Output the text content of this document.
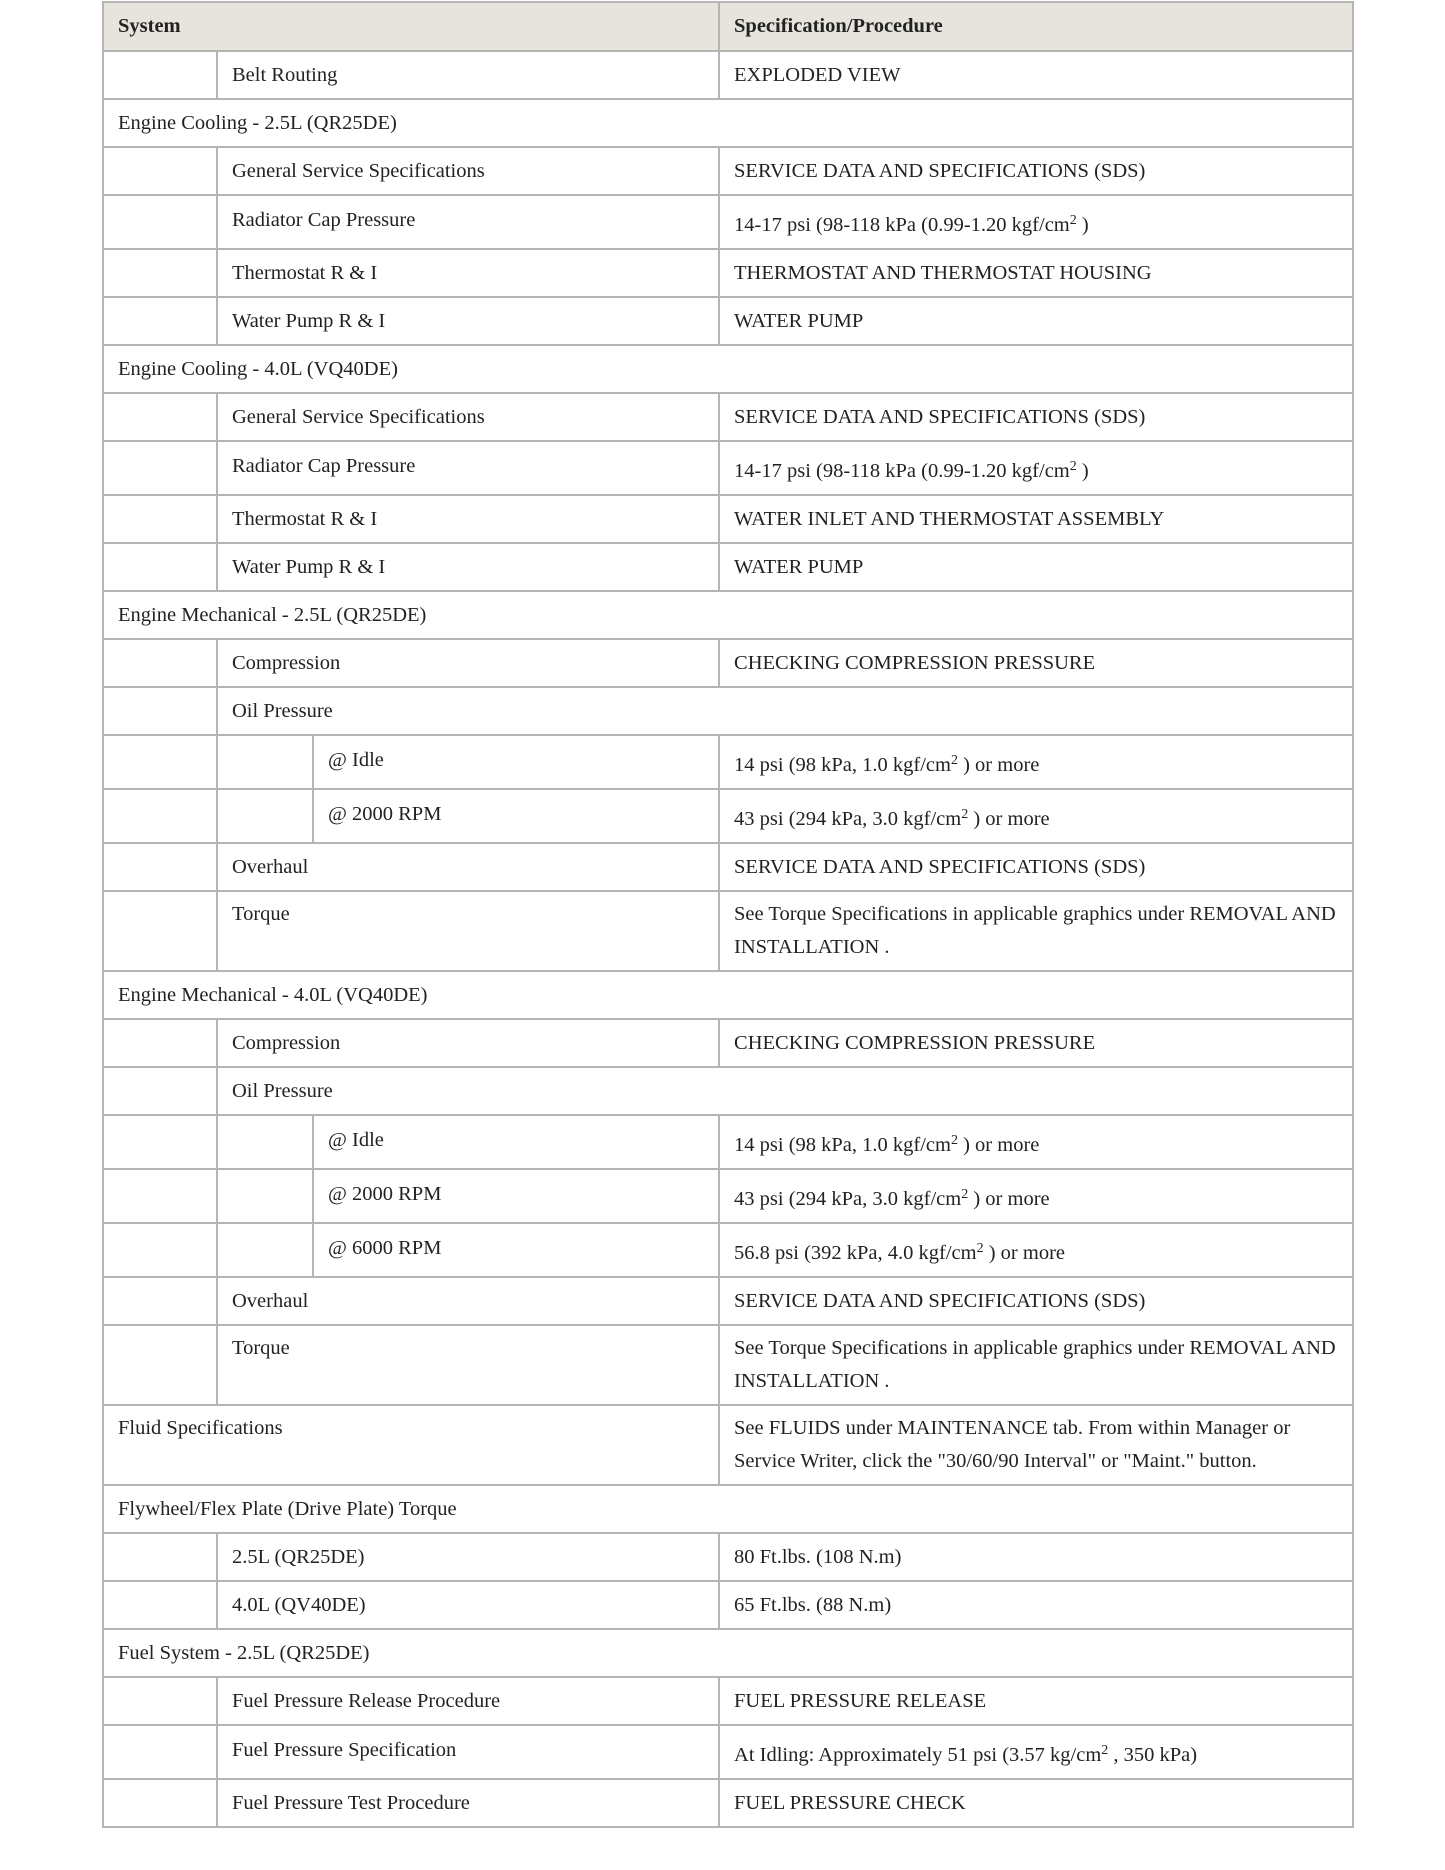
System			Specification/Procedure
	Belt Routing		EXPLODED VIEW
Engine Cooling - 2.5L (QR25DE)			
	General Service Specifications		SERVICE DATA AND SPECIFICATIONS (SDS)
	Radiator Cap Pressure		14-17 psi (98-118 kPa (0.99-1.20 kgf/$cm^2$ )
	Thermostat R & I		THERMOSTAT AND THERMOSTAT HOUSING
	Water Pump R & I		WATER PUMP
Engine Cooling - 4.0L (VQ40DE)			
	General Service Specifications		SERVICE DATA AND SPECIFICATIONS (SDS)
	Radiator Cap Pressure		14-17 psi (98-118 kPa (0.99-1.20 kgf/$cm^2$ )
	Thermostat R & I		WATER INLET AND THERMOSTAT ASSEMBLY
	Water Pump R & I		WATER PUMP
Engine Mechanical - 2.5L (QR25DE)			
	Compression		CHECKING COMPRESSION PRESSURE
	Oil Pressure		
		@ Idle	14 psi (98 kPa, 1.0 kgf/$cm^2$ ) or more
		@ 2000 RPM	43 psi (294 kPa, 3.0 kgf/$cm^2$ ) or more
	Overhaul		SERVICE DATA AND SPECIFICATIONS (SDS)
	Torque		See Torque Specifications in applicable graphics under REMOVAL AND INSTALLATION .
Engine Mechanical - 4.0L (VQ40DE)			
	Compression		CHECKING COMPRESSION PRESSURE
	Oil Pressure		
		@ Idle	14 psi (98 kPa, 1.0 kgf/$cm^2$ ) or more
		@ 2000 RPM	43 psi (294 kPa, 3.0 kgf/$cm^2$ ) or more
		@ 6000 RPM	56.8 psi (392 kPa, 4.0 kgf/$cm^2$ ) or more
	Overhaul		SERVICE DATA AND SPECIFICATIONS (SDS)
	Torque		See Torque Specifications in applicable graphics under REMOVAL AND INSTALLATION .
Fluid Specifications			See FLUIDS under MAINTENANCE tab. From within Manager or Service Writer, click the "30/60/90 Interval" or "Maint." button.
Flywheel/Flex Plate (Drive Plate) Torque			
	2.5L (QR25DE)		80 Ft.lbs. (108 N.m)
	4.0L (QV40DE)		65 Ft.lbs. (88 N.m)
Fuel System - 2.5L (QR25DE)			
	Fuel Pressure Release Procedure		FUEL PRESSURE RELEASE
	Fuel Pressure Specification		At Idling: Approximately 51 psi (3.57 $kg/cm^2$ , 350 kPa)
	Fuel Pressure Test Procedure		FUEL PRESSURE CHECK
